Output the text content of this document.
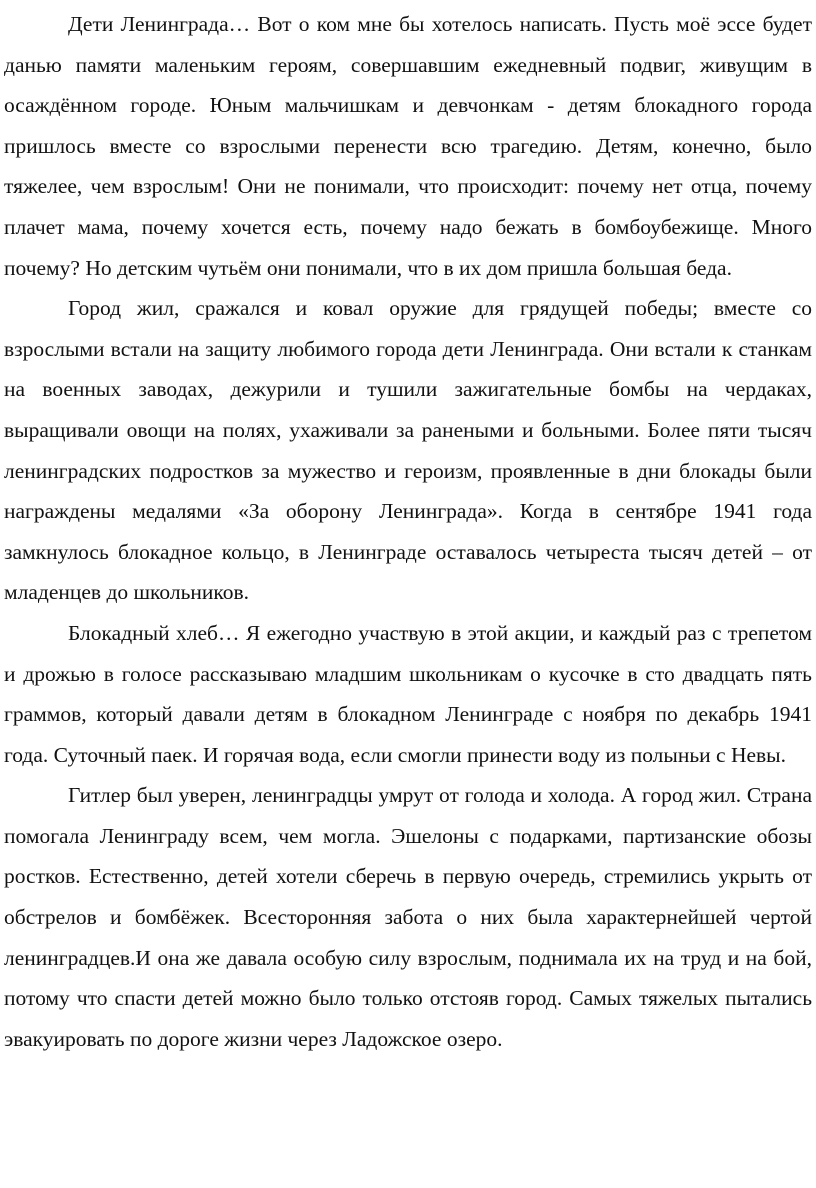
Дети Ленинграда… Вот о ком мне бы хотелось написать. Пусть моё эссе будет данью памяти маленьким героям, совершавшим ежедневный подвиг, живущим в осаждённом городе. Юным мальчишкам и девчонкам - детям блокадного города пришлось вместе со взрослыми перенести всю трагедию. Детям, конечно, было тяжелее, чем взрослым! Они не понимали, что происходит: почему нет отца, почему плачет мама, почему хочется есть, почему надо бежать в бомбоубежище. Много почему? Но детским чутьём они понимали, что в их дом пришла большая беда.

Город жил, сражался и ковал оружие для грядущей победы; вместе со взрослыми встали на защиту любимого города дети Ленинграда. Они встали к станкам на военных заводах, дежурили и тушили зажигательные бомбы на чердаках, выращивали овощи на полях, ухаживали за ранеными и больными. Более пяти тысяч ленинградских подростков за мужество и героизм, проявленные в дни блокады были награждены медалями «За оборону Ленинграда». Когда в сентябре 1941 года замкнулось блокадное кольцо, в Ленинграде оставалось четыреста тысяч детей – от младенцев до школьников.

Блокадный хлеб… Я ежегодно участвую в этой акции, и каждый раз с трепетом и дрожью в голосе рассказываю младшим школьникам о кусочке в сто двадцать пять граммов, который давали детям в блокадном Ленинграде с ноября по декабрь 1941 года. Суточный паек. И горячая вода, если смогли принести воду из полыньи с Невы.

Гитлер был уверен, ленинградцы умрут от голода и холода. А город жил. Страна помогала Ленинграду всем, чем могла. Эшелоны с подарками, партизанские обозы ростков. Естественно, детей хотели сберечь в первую очередь, стремились укрыть от обстрелов и бомбёжек. Всесторонняя забота о них была характернейшей чертой ленинградцев.И она же давала особую силу взрослым, поднимала их на труд и на бой, потому что спасти детей можно было только отстояв город. Самых тяжелых пытались эвакуировать по дороге жизни через Ладожское озеро.
